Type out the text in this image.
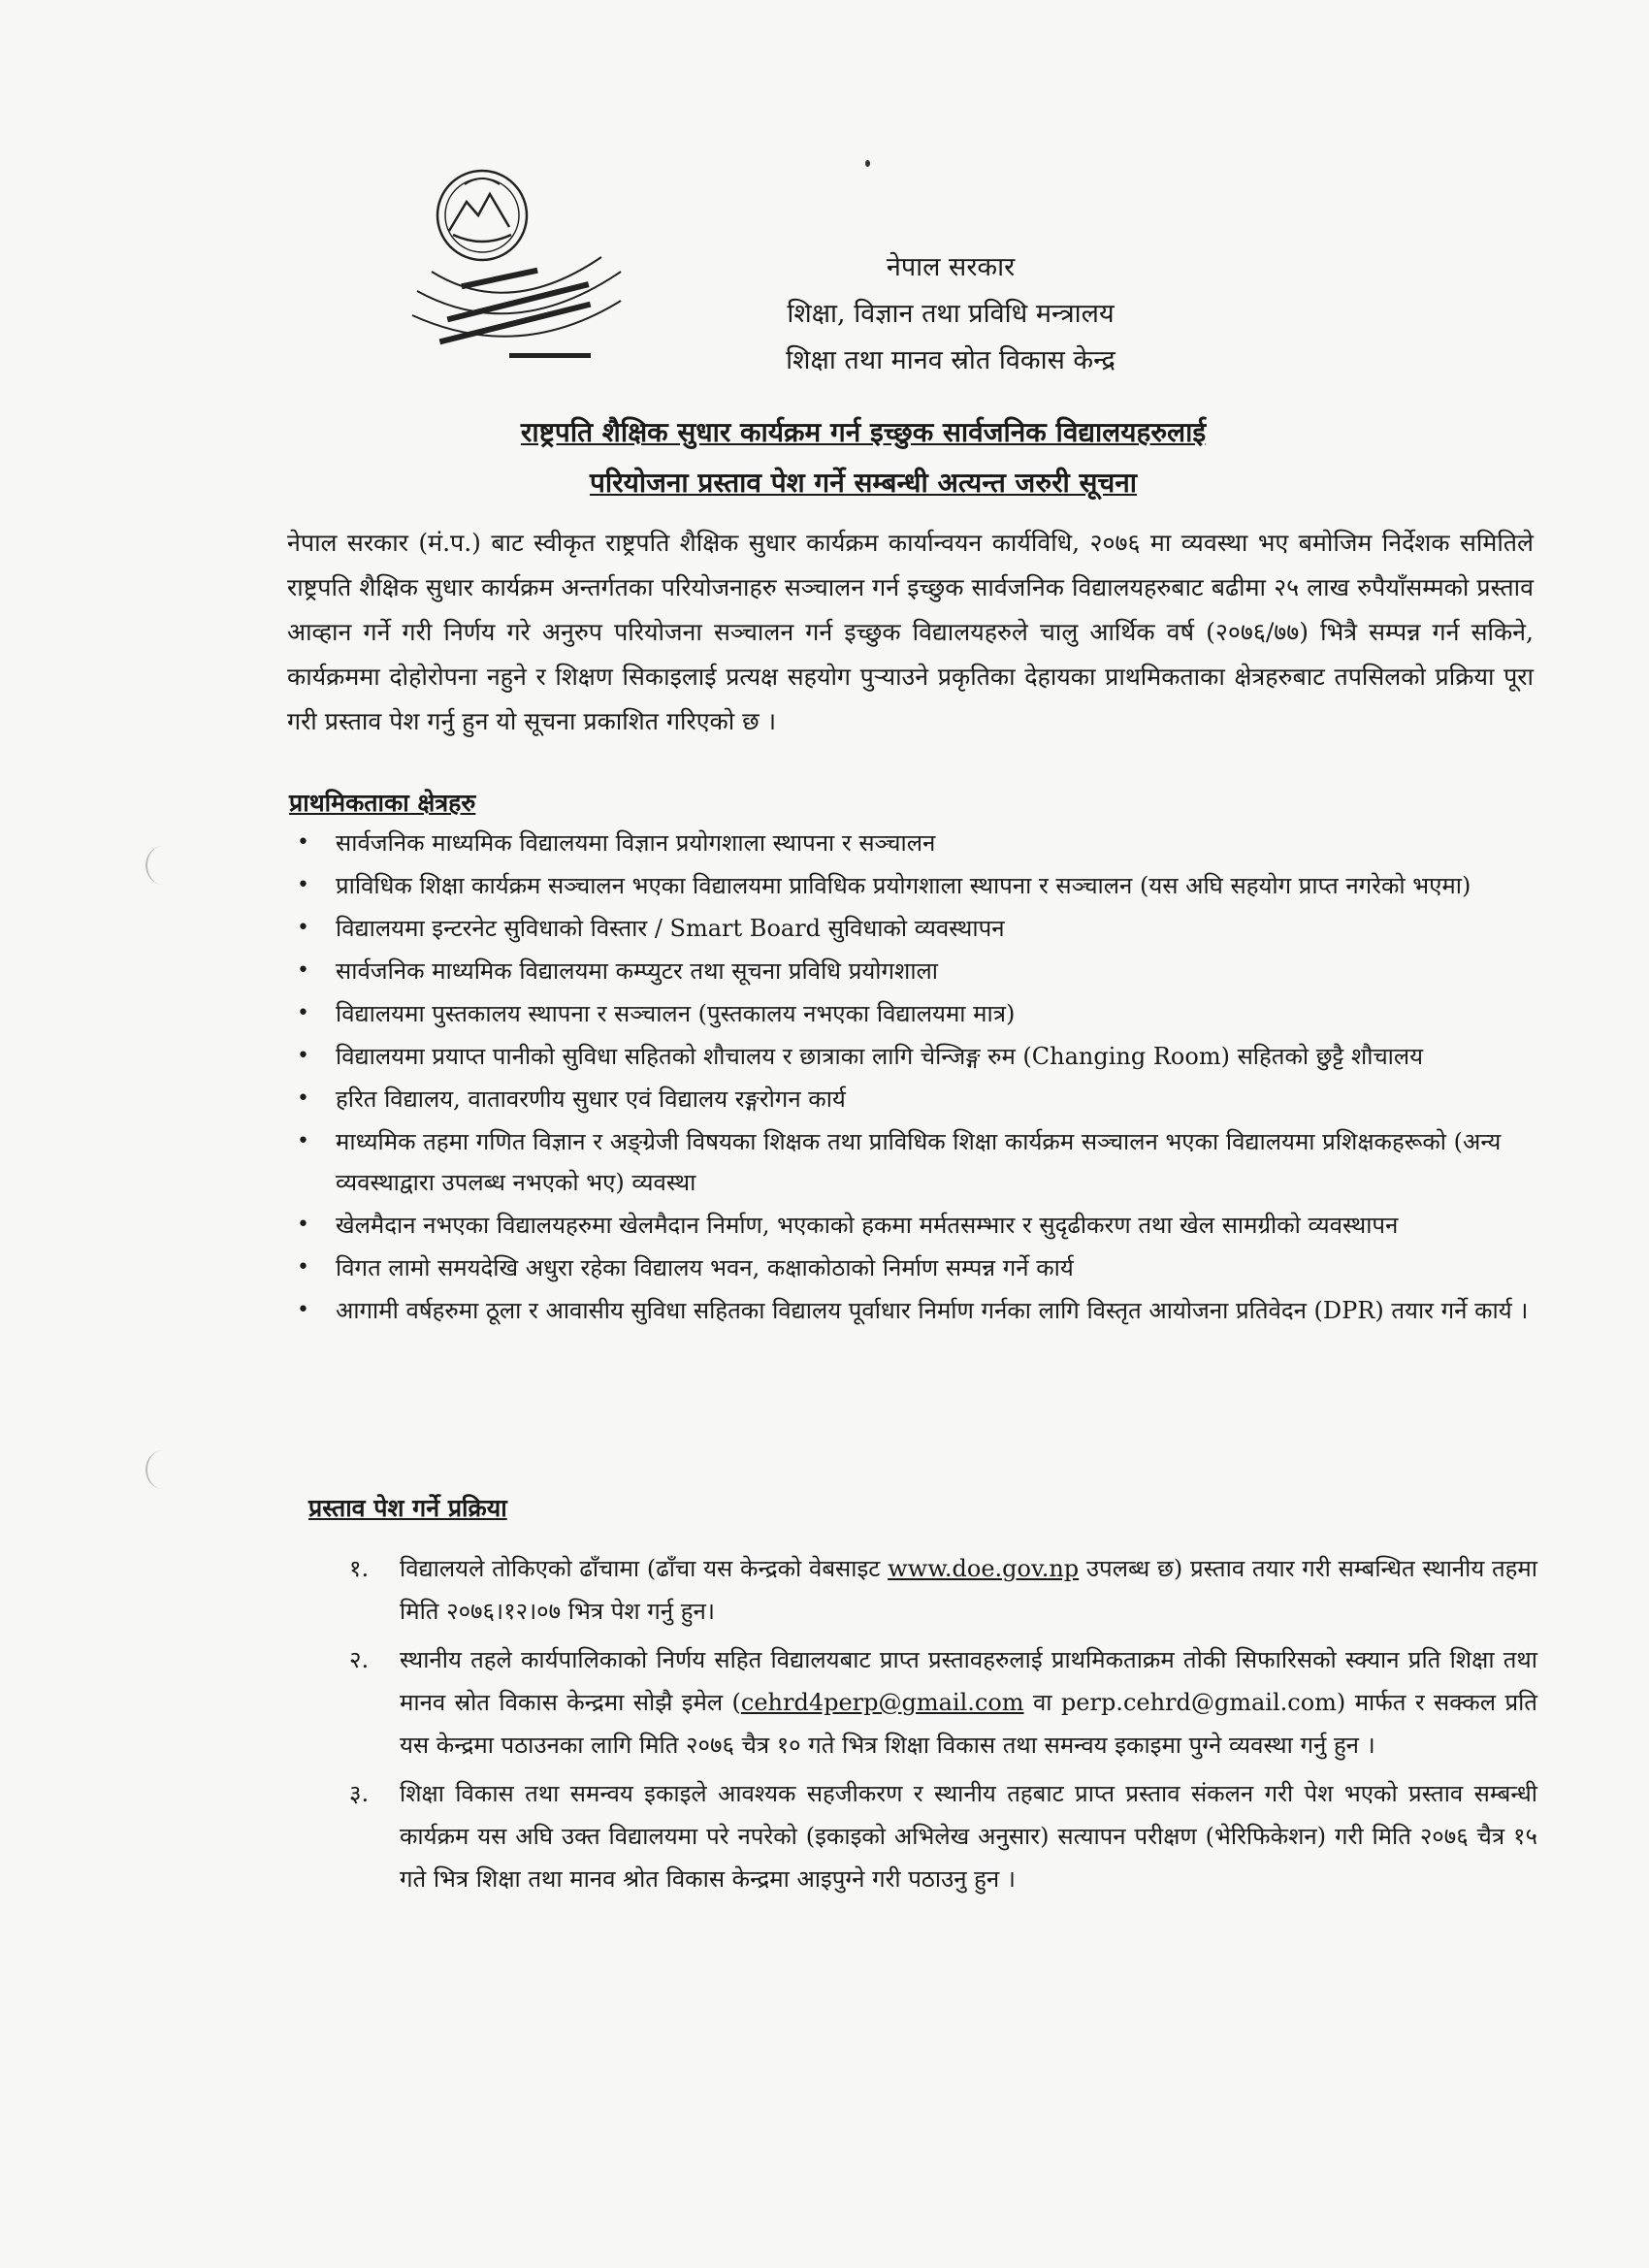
नेपाल सरकार
शिक्षा, विज्ञान तथा प्रविधि मन्त्रालय
शिक्षा तथा मानव स्रोत विकास केन्द्र
राष्ट्रपति शैक्षिक सुधार कार्यक्रम गर्न इच्छुक सार्वजनिक विद्यालयहरुलाई
परियोजना प्रस्ताव पेश गर्ने सम्बन्धी अत्यन्त जरुरी सूचना
नेपाल सरकार (मं.प.) बाट स्वीकृत राष्ट्रपति शैक्षिक सुधार कार्यक्रम कार्यान्वयन कार्यविधि, २०७६ मा व्यवस्था भए बमोजिम निर्देशक समितिले राष्ट्रपति शैक्षिक सुधार कार्यक्रम अन्तर्गतका परियोजनाहरु सञ्चालन गर्न इच्छुक सार्वजनिक विद्यालयहरुबाट बढीमा २५ लाख रुपैयाँसम्मको प्रस्ताव आव्हान गर्ने गरी निर्णय गरे अनुरुप परियोजना सञ्चालन गर्न इच्छुक विद्यालयहरुले चालु आर्थिक वर्ष (२०७६/७७) भित्रै सम्पन्न गर्न सकिने, कार्यक्रममा दोहोरोपना नहुने र शिक्षण सिकाइलाई प्रत्यक्ष सहयोग पुर्‍याउने प्रकृतिका देहायका प्राथमिकताका क्षेत्रहरुबाट तपसिलको प्रक्रिया पूरा गरी प्रस्ताव पेश गर्नु हुन यो सूचना प्रकाशित गरिएको छ ।
प्राथमिकताका क्षेत्रहरु
• सार्वजनिक माध्यमिक विद्यालयमा विज्ञान प्रयोगशाला स्थापना र सञ्चालन
• प्राविधिक शिक्षा कार्यक्रम सञ्चालन भएका विद्यालयमा प्राविधिक प्रयोगशाला स्थापना र सञ्चालन (यस अघि सहयोग प्राप्त नगरेको भएमा)
• विद्यालयमा इन्टरनेट सुविधाको विस्तार / Smart Board सुविधाको व्यवस्थापन
• सार्वजनिक माध्यमिक विद्यालयमा कम्प्युटर तथा सूचना प्रविधि प्रयोगशाला
• विद्यालयमा पुस्तकालय स्थापना र सञ्चालन (पुस्तकालय नभएका विद्यालयमा मात्र)
• विद्यालयमा प्रयाप्त पानीको सुविधा सहितको शौचालय र छात्राका लागि चेन्जिङ्ग रुम (Changing Room) सहितको छुट्टै शौचालय
• हरित विद्यालय, वातावरणीय सुधार एवं विद्यालय रङ्गरोगन कार्य
• माध्यमिक तहमा गणित विज्ञान र अङ्ग्रेजी विषयका शिक्षक तथा प्राविधिक शिक्षा कार्यक्रम सञ्चालन भएका विद्यालयमा प्रशिक्षकहरूको (अन्य व्यवस्थाद्वारा उपलब्ध नभएको भए) व्यवस्था
• खेलमैदान नभएका विद्यालयहरुमा खेलमैदान निर्माण, भएकाको हकमा मर्मतसम्भार र सुदृढीकरण तथा खेल सामग्रीको व्यवस्थापन
• विगत लामो समयदेखि अधुरा रहेका विद्यालय भवन, कक्षाकोठाको निर्माण सम्पन्न गर्ने कार्य
• आगामी वर्षहरुमा ठूला र आवासीय सुविधा सहितका विद्यालय पूर्वाधार निर्माण गर्नका लागि विस्तृत आयोजना प्रतिवेदन (DPR) तयार गर्ने कार्य ।
प्रस्ताव पेश गर्ने प्रक्रिया
१. विद्यालयले तोकिएको ढाँचामा (ढाँचा यस केन्द्रको वेबसाइट www.doe.gov.np उपलब्ध छ) प्रस्ताव तयार गरी सम्बन्धित स्थानीय तहमा मिति २०७६।१२।०७ भित्र पेश गर्नु हुन।
२. स्थानीय तहले कार्यपालिकाको निर्णय सहित विद्यालयबाट प्राप्त प्रस्तावहरुलाई प्राथमिकताक्रम तोकी सिफारिसको स्क्यान प्रति शिक्षा तथा मानव स्रोत विकास केन्द्रमा सोझै इमेल (cehrd4perp@gmail.com वा perp.cehrd@gmail.com) मार्फत र सक्कल प्रति यस केन्द्रमा पठाउनका लागि मिति २०७६ चैत्र १० गते भित्र शिक्षा विकास तथा समन्वय इकाइमा पुग्ने व्यवस्था गर्नु हुन ।
३. शिक्षा विकास तथा समन्वय इकाइले आवश्यक सहजीकरण र स्थानीय तहबाट प्राप्त प्रस्ताव संकलन गरी पेश भएको प्रस्ताव सम्बन्धी कार्यक्रम यस अघि उक्त विद्यालयमा परे नपरेको (इकाइको अभिलेख अनुसार) सत्यापन परीक्षण (भेरिफिकेशन) गरी मिति २०७६ चैत्र १५ गते भित्र शिक्षा तथा मानव श्रोत विकास केन्द्रमा आइपुग्ने गरी पठाउनु हुन ।
